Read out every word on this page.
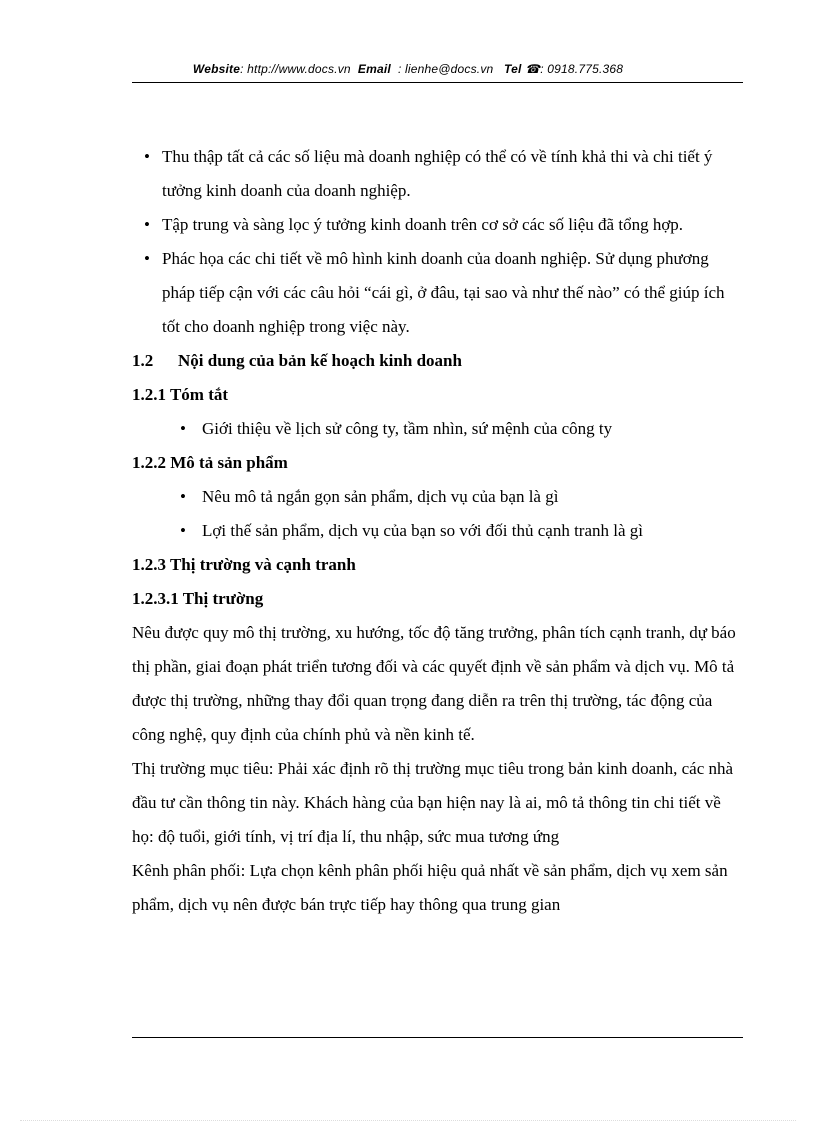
Website: http://www.docs.vn Email  : lienhe@docs.vn Tel ☎: 0918.775.368
• Thu thập tất cả các số liệu mà doanh nghiệp có thể có về tính khả thi và chi tiết ý tưởng kinh doanh của doanh nghiệp.
• Tập trung và sàng lọc ý tưởng kinh doanh trên cơ sở các số liệu đã tổng hợp.
• Phác họa các chi tiết về mô hình kinh doanh của doanh nghiệp. Sử dụng phương pháp tiếp cận với các câu hỏi “cái gì, ở đâu, tại sao và như thế nào” có thể giúp ích tốt cho doanh nghiệp trong việc này.
1.2 Nội dung của bản kế hoạch kinh doanh
1.2.1 Tóm tắt
• Giới thiệu về lịch sử công ty, tầm nhìn, sứ mệnh của công ty
1.2.2 Mô tả sản phẩm
• Nêu mô tả ngắn gọn sản phẩm, dịch vụ của bạn là gì
• Lợi thế sản phẩm, dịch vụ của bạn so với đối thủ cạnh tranh là gì
1.2.3 Thị trường và cạnh tranh
1.2.3.1 Thị trường
Nêu được quy mô thị trường, xu hướng, tốc độ tăng trưởng, phân tích cạnh tranh, dự báo thị phần, giai đoạn phát triển tương đối và các quyết định về sản phẩm và dịch vụ. Mô tả được thị trường, những thay đổi quan trọng đang diễn ra trên thị trường, tác động của công nghệ, quy định của chính phủ và nền kinh tế.
Thị trường mục tiêu: Phải xác định rõ thị trường mục tiêu trong bản kinh doanh, các nhà đầu tư cần thông tin này. Khách hàng của bạn hiện nay là ai, mô tả thông tin chi tiết về họ: độ tuổi, giới tính, vị trí địa lí, thu nhập, sức mua tương ứng
Kênh phân phối: Lựa chọn kênh phân phối hiệu quả nhất về sản phẩm, dịch vụ xem sản phẩm, dịch vụ nên được bán trực tiếp hay thông qua trung gian
